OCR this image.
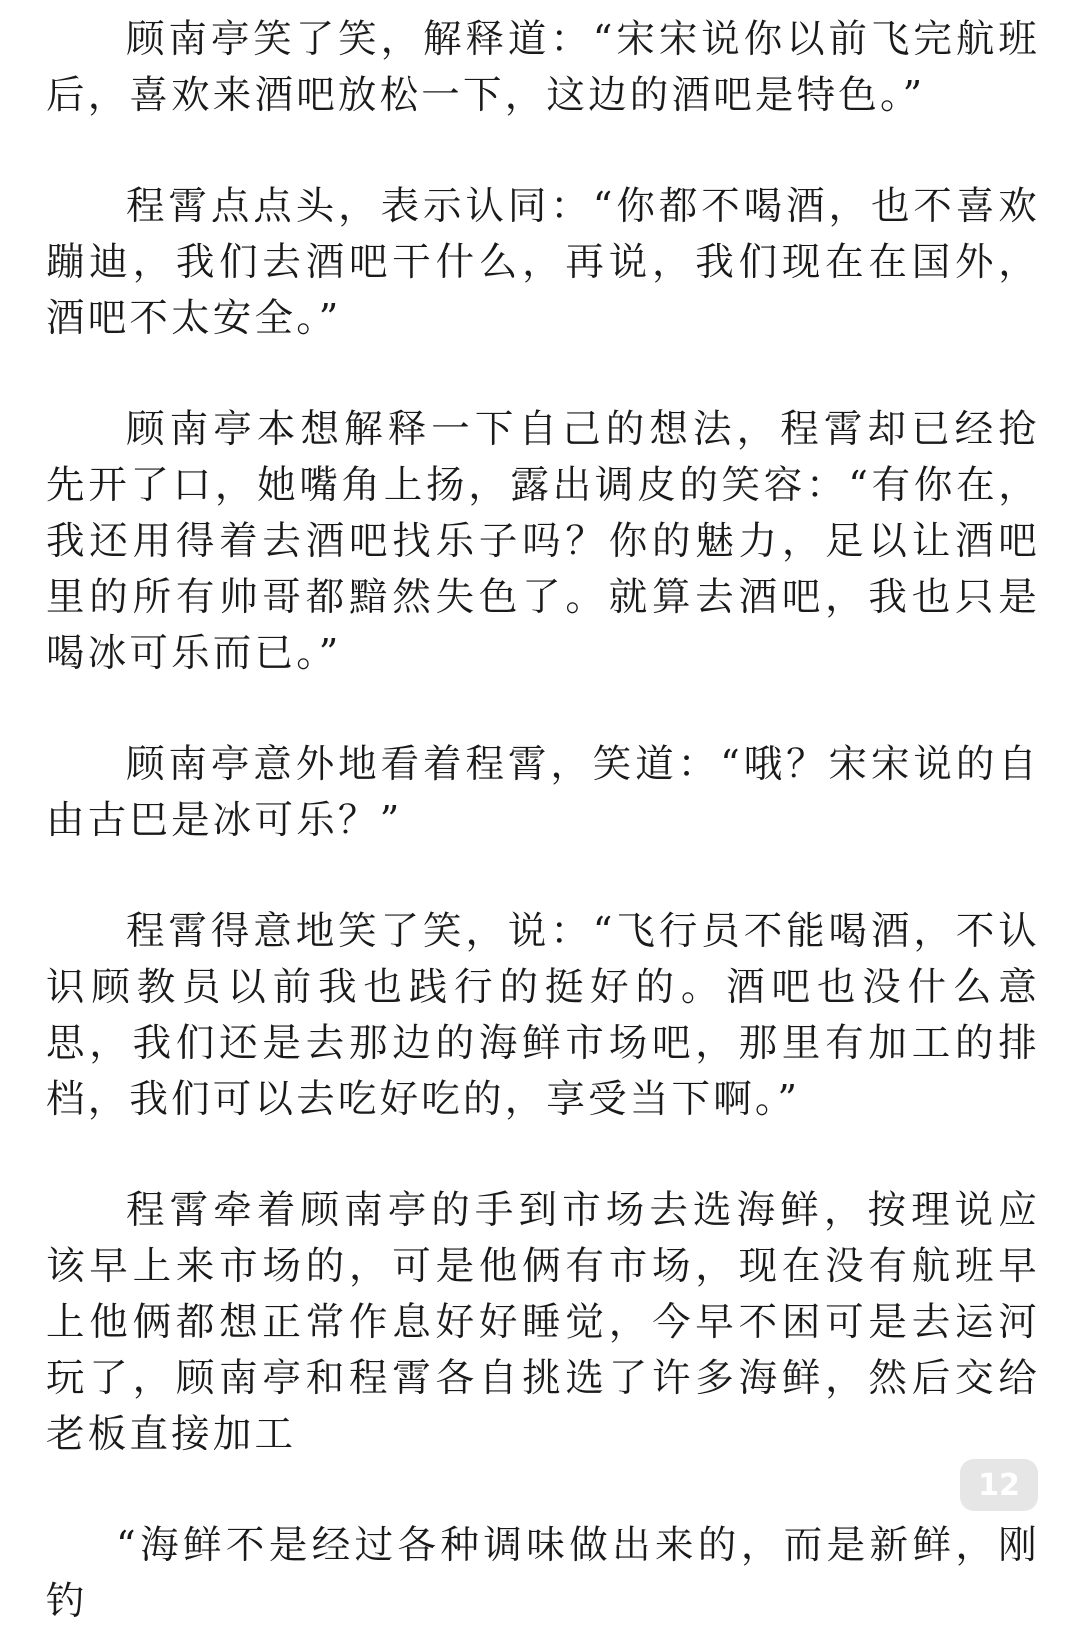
顾南亭笑了笑，解释道：“宋宋说你以前飞完航班后，喜欢来酒吧放松一下，这边的酒吧是特色。”

程霄点点头，表示认同：“你都不喝酒，也不喜欢蹦迪，我们去酒吧干什么，再说，我们现在在国外，酒吧不太安全。”

顾南亭本想解释一下自己的想法，程霄却已经抢先开了口，她嘴角上扬，露出调皮的笑容：“有你在，我还用得着去酒吧找乐子吗？你的魅力，足以让酒吧里的所有帅哥都黯然失色了。就算去酒吧，我也只是喝冰可乐而已。”

顾南亭意外地看着程霄，笑道：“哦？宋宋说的自由古巴是冰可乐？”

程霄得意地笑了笑，说：“飞行员不能喝酒，不认识顾教员以前我也践行的挺好的。酒吧也没什么意思，我们还是去那边的海鲜市场吧，那里有加工的排档，我们可以去吃好吃的，享受当下啊。”

程霄牵着顾南亭的手到市场去选海鲜，按理说应该早上来市场的，可是他俩有市场，现在没有航班早上他俩都想正常作息好好睡觉，今早不困可是去运河玩了，顾南亭和程霄各自挑选了许多海鲜，然后交给老板直接加工

“海鲜不是经过各种调味做出来的，而是新鲜，刚钓

12
